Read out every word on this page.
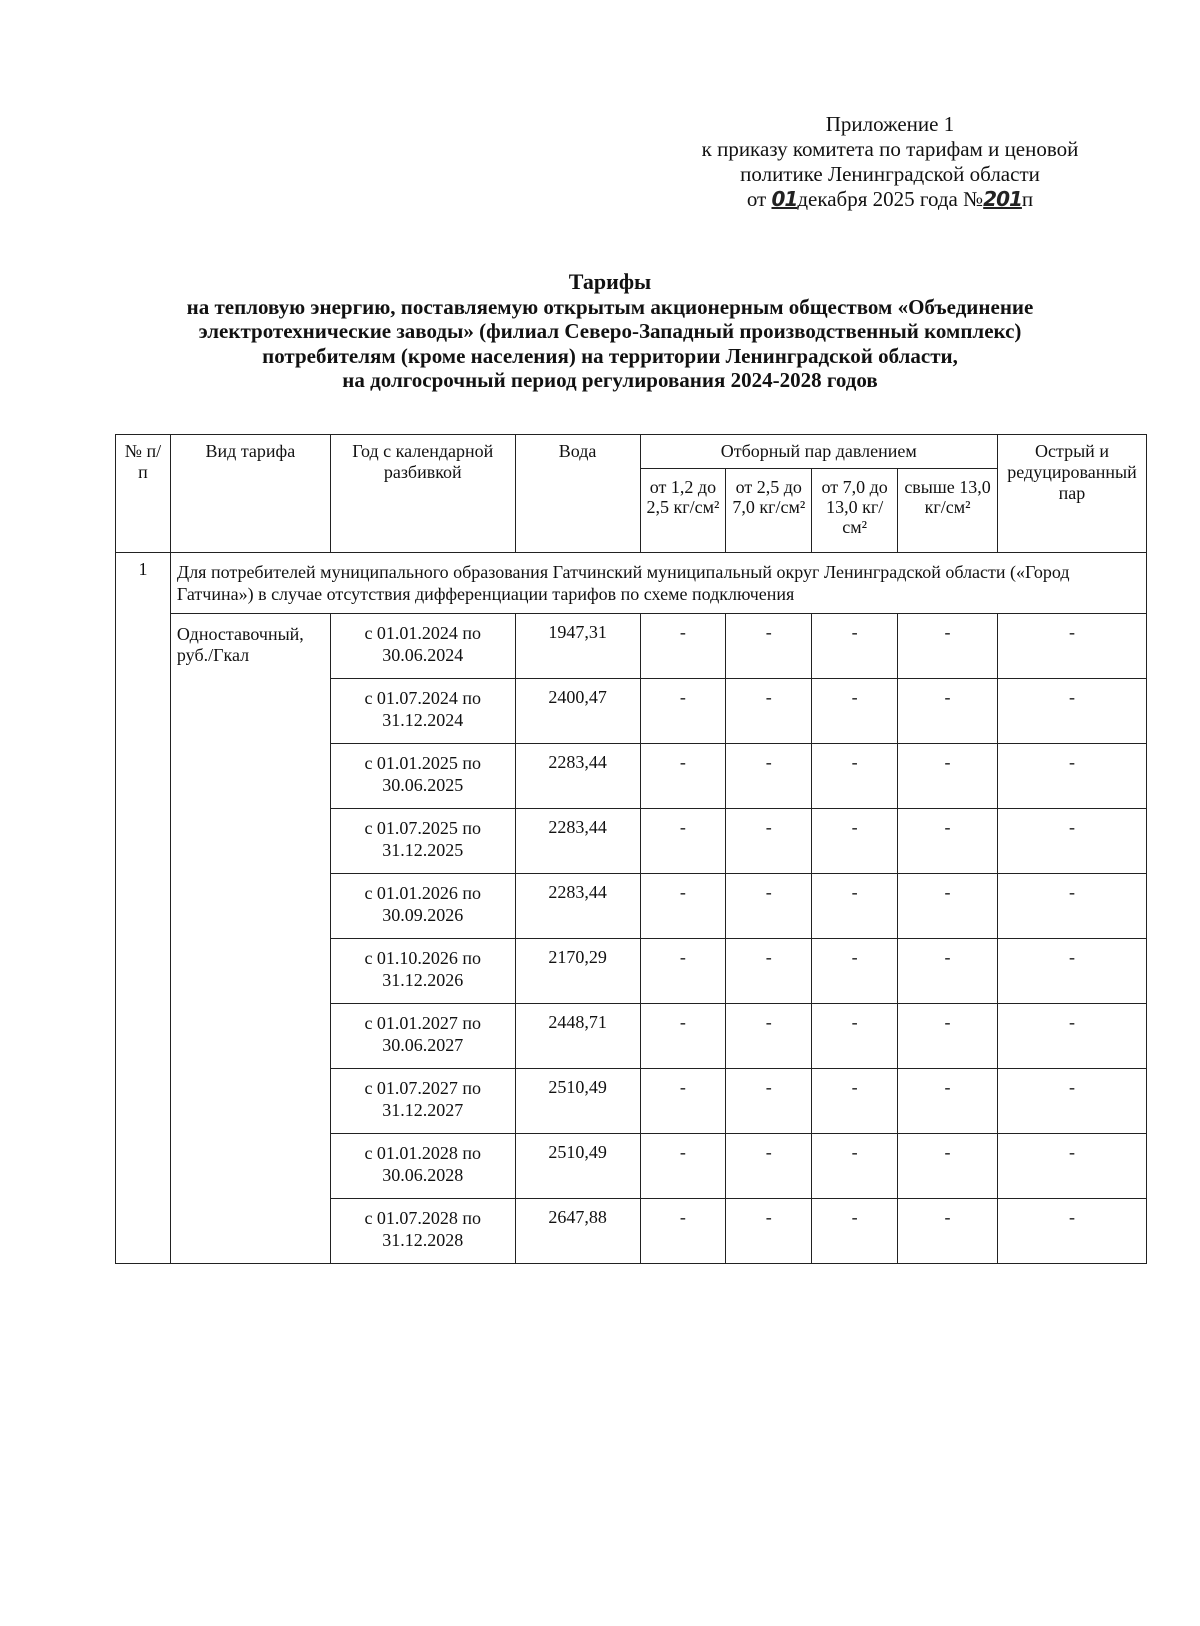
Приложение 1
к приказу комитета по тарифам и ценовой
политике Ленинградской области
от 01декабря 2025 года №201п
Тарифы
на тепловую энергию, поставляемую открытым акционерным обществом «Объединение
электротехнические заводы» (филиал Северо-Западный производственный комплекс)
потребителям (кроме населения) на территории Ленинградской области,
на долгосрочный период регулирования 2024-2028 годов
№ п/п	Вид тарифа	Год с календарной разбивкой	Вода	Отборный пар давлением				Острый и редуцированный пар
				от 1,2 до 2,5 кг/см²	от 2,5 до 7,0 кг/см²	от 7,0 до 13,0 кг/см²	свыше 13,0 кг/см²	
1	Для потребителей муниципального образования Гатчинский муниципальный округ Ленинградской области («Город Гатчина») в случае отсутствия дифференциации тарифов по схеме подключения							
	Одноставочный, руб./Гкал	с 01.01.2024 по 30.06.2024	1947,31	-	-	-	-	-
		с 01.07.2024 по 31.12.2024	2400,47	-	-	-	-	-
		с 01.01.2025 по 30.06.2025	2283,44	-	-	-	-	-
		с 01.07.2025 по 31.12.2025	2283,44	-	-	-	-	-
		с 01.01.2026 по 30.09.2026	2283,44	-	-	-	-	-
		с 01.10.2026 по 31.12.2026	2170,29	-	-	-	-	-
		с 01.01.2027 по 30.06.2027	2448,71	-	-	-	-	-
		с 01.07.2027 по 31.12.2027	2510,49	-	-	-	-	-
		с 01.01.2028 по 30.06.2028	2510,49	-	-	-	-	-
		с 01.07.2028 по 31.12.2028	2647,88	-	-	-	-	-
